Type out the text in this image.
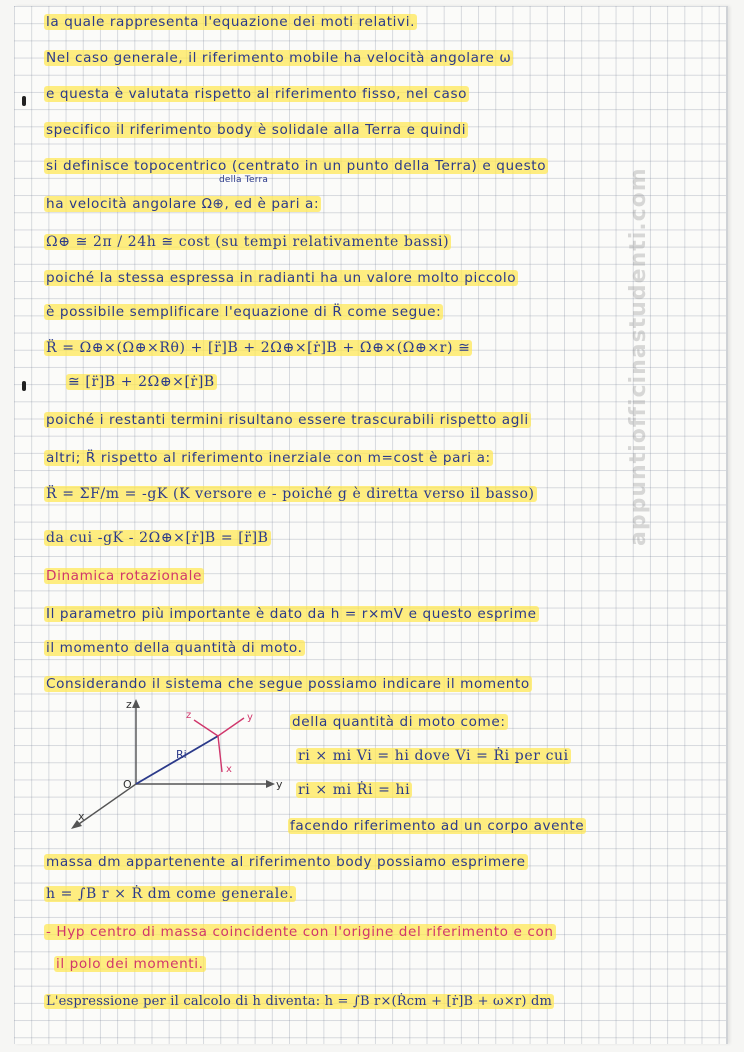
la quale rappresenta l'equazione dei moti relativi.
Nel caso generale, il riferimento mobile ha velocità angolare ω
e questa è valutata rispetto al riferimento fisso, nel caso
specifico il riferimento body è solidale alla Terra e quindi
si definisce topocentrico (centrato in un punto della Terra) e questo
della Terra
ha velocità angolare Ω⊕, ed è pari a:
Ω⊕ ≅ 2π / 24h ≅ cost (su tempi relativamente bassi)
poiché la stessa espressa in radianti ha un valore molto piccolo
è possibile semplificare l'equazione di R̈ come segue:
R̈ = Ω⊕×(Ω⊕×Rθ) + [r̈]B + 2Ω⊕×[ṙ]B + Ω̇⊕×(Ω⊕×r) ≅
≅ [r̈]B + 2Ω⊕×[ṙ]B
poiché i restanti termini risultano essere trascurabili rispetto agli
altri; R̈ rispetto al riferimento inerziale con m=cost è pari a:
R̈ = ΣF/m = -gK (K versore e - poiché g è diretta verso il basso)
da cui -gK - 2Ω⊕×[ṙ]B = [r̈]B
Dinamica rotazionale
Il parametro più importante è dato da h = r×mV e questo esprime
il momento della quantità di moto.
Considerando il sistema che segue possiamo indicare il momento
della quantità di moto come:
ri × mi Vi = hi dove Vi = Ṙi per cui
ri × mi Ṙi = hi
facendo riferimento ad un corpo avente
massa dm appartenente al riferimento body possiamo esprimere
h = ∫B r × Ṙ dm come generale.
- Hyp centro di massa coincidente con l'origine del riferimento e con
il polo dei momenti.
L'espressione per il calcolo di h diventa: h = ∫B r×(Ṙcm + [ṙ]B + ω×r) dm
z
y
x
O
Ri
z	y
x
appuntiofficinastudenti.com
